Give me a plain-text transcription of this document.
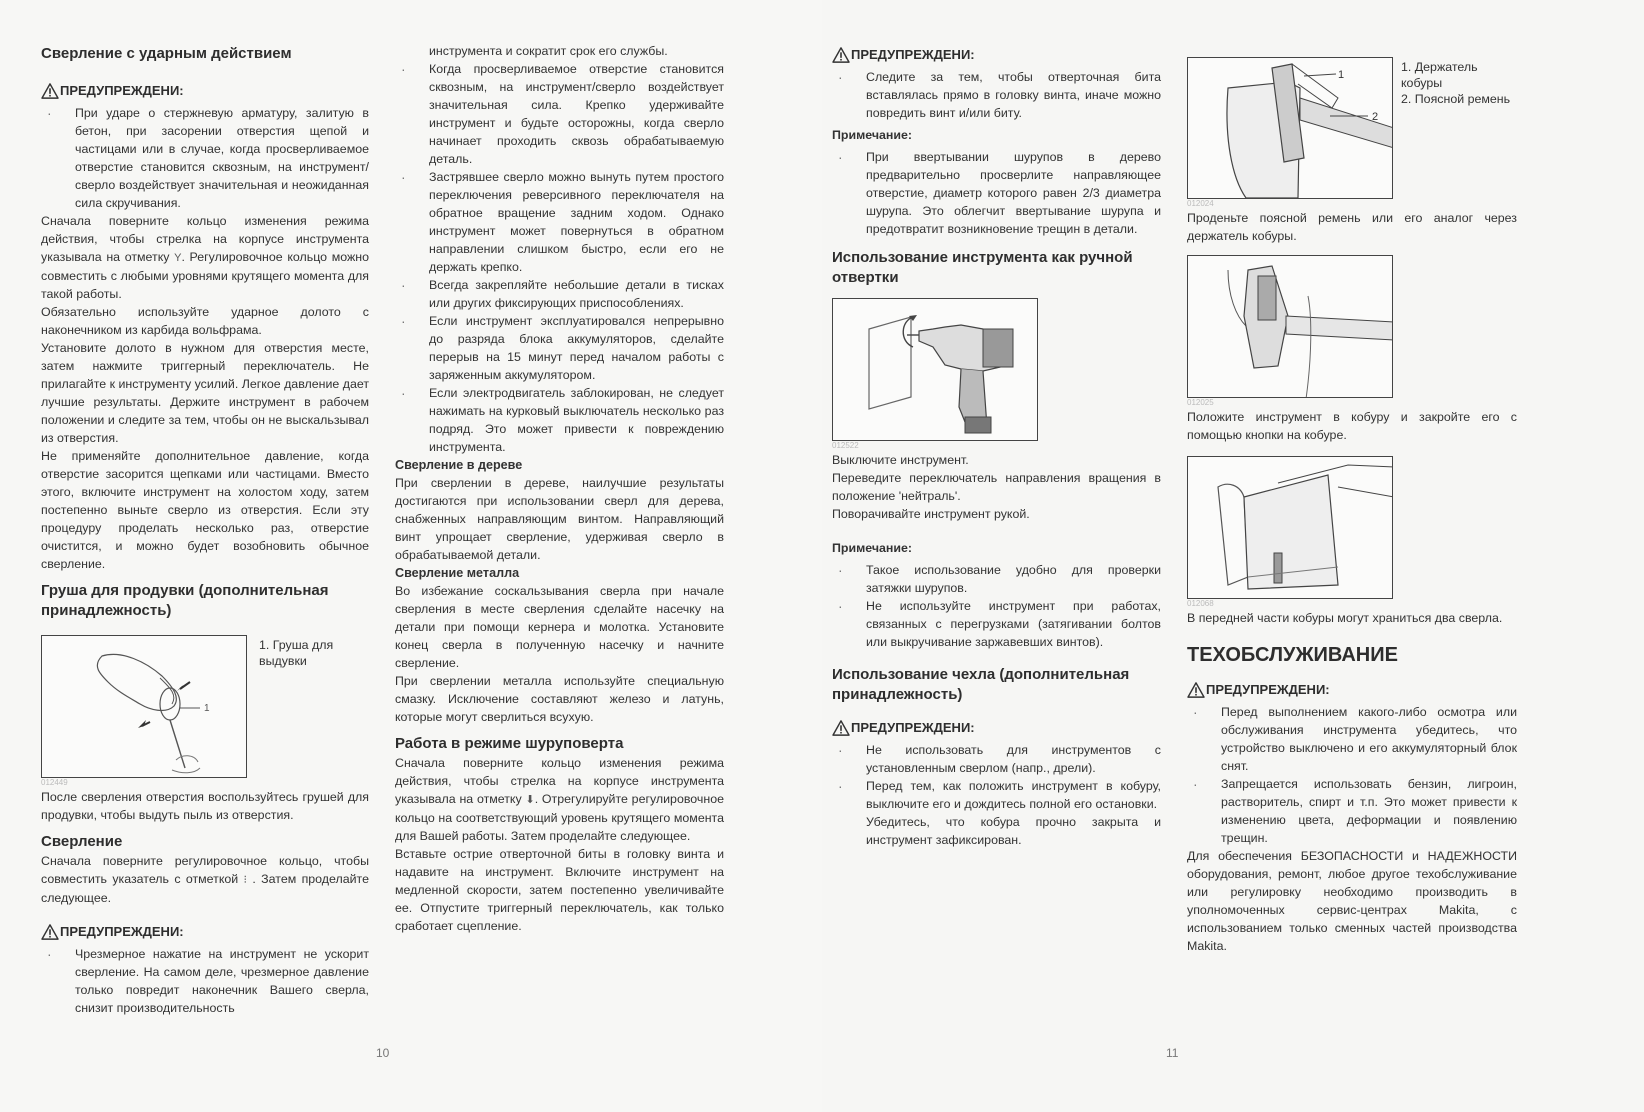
Сверление с ударным действием
ПРЕДУПРЕЖДЕНИ:
· При ударе о стержневую арматуру, залитую в бетон, при засорении отверстия щепой и частицами или в случае, когда просверливаемое отверстие становится сквозным, на инструмент/сверло воздействует значительная и неожиданная сила скручивания.

Сначала поверните кольцо изменения режима действия, чтобы стрелка на корпусе инструмента указывала на отметку Y. Регулировочное кольцо можно совместить с любыми уровнями крутящего момента для такой работы.

Обязательно используйте ударное долото с наконечником из карбида вольфрама.

Установите долото в нужном для отверстия месте, затем нажмите триггерный переключатель. Не прилагайте к инструменту усилий. Легкое давление дает лучшие результаты. Держите инструмент в рабочем положении и следите за тем, чтобы он не выскальзывал из отверстия.

Не применяйте дополнительное давление, когда отверстие засорится щепками или частицами. Вместо этого, включите инструмент на холостом ходу, затем постепенно выньте сверло из отверстия. Если эту процедуру проделать несколько раз, отверстие очистится, и можно будет возобновить обычное сверление.

Груша для продувки (дополнительная принадлежность)
1
1. Груша для выдувки
012449

После сверления отверстия воспользуйтесь грушей для продувки, чтобы выдуть пыль из отверстия.

Сверление

Сначала поверните регулировочное кольцо, чтобы совместить указатель с отметкой ⁝ . Затем проделайте следующее.

ПРЕДУПРЕЖДЕНИ:
· Чрезмерное нажатие на инструмент не ускорит сверление. На самом деле, чрезмерное давление только повредит наконечник Вашего сверла, снизит производительность

инструмента и сократит срок его службы.

· Когда просверливаемое отверстие становится сквозным, на инструмент/сверло воздействует значительная сила. Крепко удерживайте инструмент и будьте осторожны, когда сверло начинает проходить сквозь обрабатываемую деталь.
· Застрявшее сверло можно вынуть путем простого переключения реверсивного переключателя на обратное вращение задним ходом. Однако инструмент может повернуться в обратном направлении слишком быстро, если его не держать крепко.
· Всегда закрепляйте небольшие детали в тисках или других фиксирующих приспособлениях.
· Если инструмент эксплуатировался непрерывно до разряда блока аккумуляторов, сделайте перерыв на 15 минут перед началом работы с заряженным аккумулятором.
· Если электродвигатель заблокирован, не следует нажимать на курковый выключатель несколько раз подряд. Это может привести к повреждению инструмента.
Сверление в дереве

При сверлении в дереве, наилучшие результаты достигаются при использовании сверл для дерева, снабженных направляющим винтом. Направляющий винт упрощает сверление, удерживая сверло в обрабатываемой детали.

Сверление металла

Во избежание соскальзывания сверла при начале сверления в месте сверления сделайте насечку на детали при помощи кернера и молотка. Установите конец сверла в полученную насечку и начните сверление.

При сверлении металла используйте специальную смазку. Исключение составляют железо и латунь, которые могут сверлиться всухую.

Работа в режиме шуруповерта

Сначала поверните кольцо изменения режима действия, чтобы стрелка на корпусе инструмента указывала на отметку ⬇. Отрегулируйте регулировочное кольцо на соответствующий уровень крутящего момента для Вашей работы. Затем проделайте следующее.

Вставьте острие отверточной биты в головку винта и надавите на инструмент. Включите инструмент на медленной скорости, затем постепенно увеличивайте ее. Отпустите триггерный переключатель, как только сработает сцепление.

10
ПРЕДУПРЕЖДЕНИ:
· Следите за тем, чтобы отверточная бита вставлялась прямо в головку винта, иначе можно повредить винт и/или биту.
Примечание:
· При ввертывании шурупов в дерево предварительно просверлите направляющее отверстие, диаметр которого равен 2/3 диаметра шурупа. Это облегчит ввертывание шурупа и предотвратит возникновение трещин в детали.
Использование инструмента как ручной отвертки
012522

Выключите инструмент.

Переведите переключатель направления вращения в положение 'нейтраль'.

Поворачивайте инструмент рукой.

Примечание:
· Такое использование удобно для проверки затяжки шурупов.
· Не используйте инструмент при работах, связанных с перегрузками (затягивании болтов или выкручивание заржавевших винтов).
Использование чехла (дополнительная принадлежность)
ПРЕДУПРЕЖДЕНИ:
· Не использовать для инструментов с установленным сверлом (напр., дрели).
· Перед тем, как положить инструмент в кобуру, выключите его и дождитесь полной его остановки.

Убедитесь, что кобура прочно закрыта и инструмент зафиксирован.

1
2
1. Держатель кобуры
2. Поясной ремень
012024

Проденьте поясной ремень или его аналог через держатель кобуры.

012025

Положите инструмент в кобуру и закройте его с помощью кнопки на кобуре.

012068

В передней части кобуры могут храниться два сверла.

ТЕХОБСЛУЖИВАНИЕ
ПРЕДУПРЕЖДЕНИ:
· Перед выполнением какого-либо осмотра или обслуживания инструмента убедитесь, что устройство выключено и его аккумуляторный блок снят.
· Запрещается использовать бензин, лигроин, растворитель, спирт и т.п. Это может привести к изменению цвета, деформации и появлению трещин.

Для обеспечения БЕЗОПАСНОСТИ и НАДЕЖНОСТИ оборудования, ремонт, любое другое техобслуживание или регулировку необходимо производить в уполномоченных сервис-центрах Makita, с использованием только сменных частей производства Makita.

11
